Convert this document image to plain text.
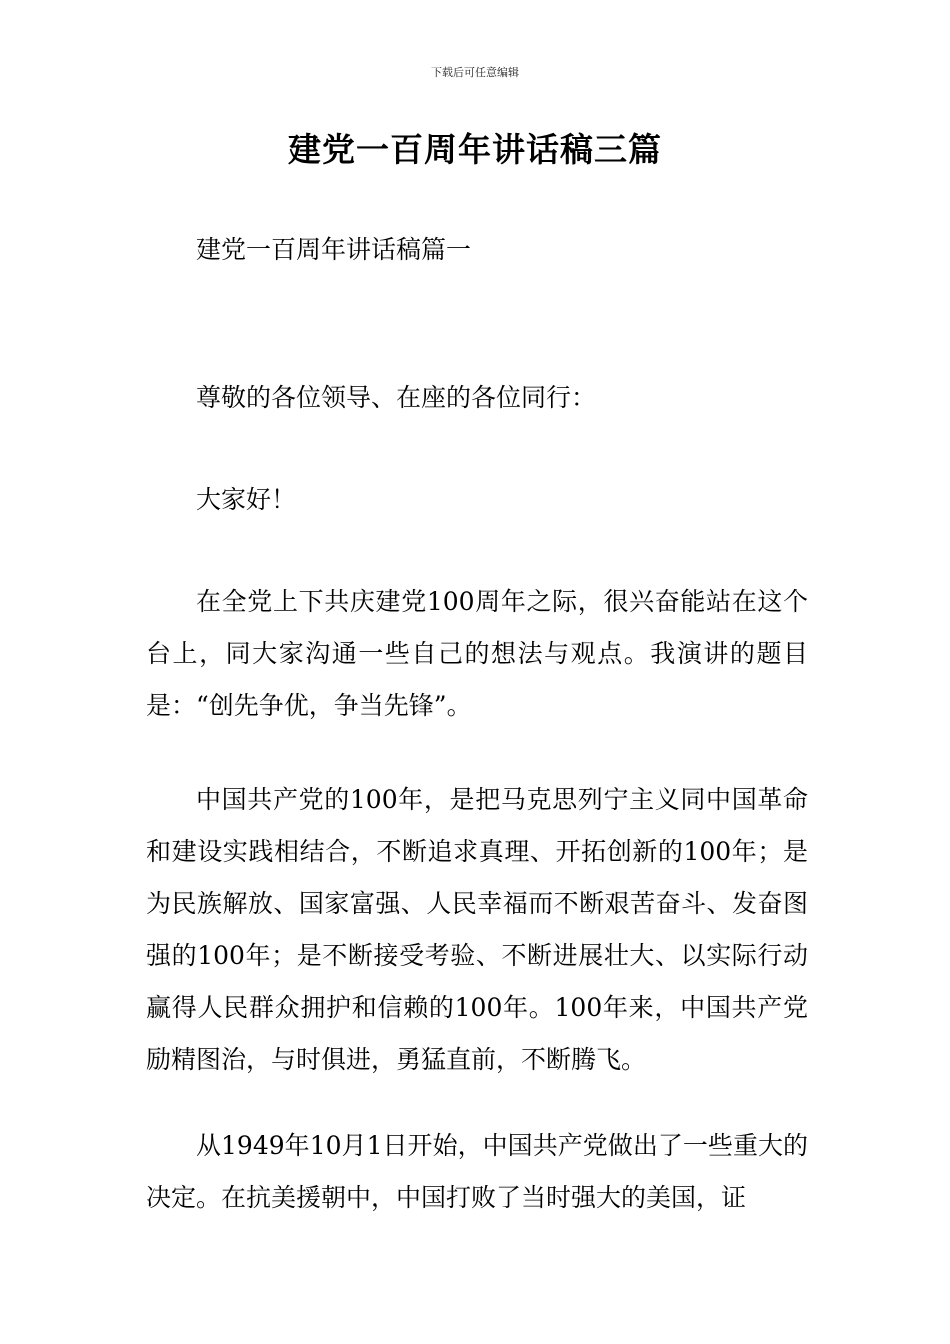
下载后可任意编辑
建党一百周年讲话稿三篇

建党一百周年讲话稿篇一

尊敬的各位领导、在座的各位同行：

大家好！

在全党上下共庆建党100周年之际，很兴奋能站在这个台上，同大家沟通一些自己的想法与观点。我演讲的题目是：“创先争优，争当先锋”。

中国共产党的100年，是把马克思列宁主义同中国革命和建设实践相结合，不断追求真理、开拓创新的100年；是为民族解放、国家富强、人民幸福而不断艰苦奋斗、发奋图强的100年；是不断接受考验、不断进展壮大、以实际行动赢得人民群众拥护和信赖的100年。100年来，中国共产党励精图治，与时俱进，勇猛直前，不断腾飞。

从1949年10月1日开始，中国共产党做出了一些重大的决定。在抗美援朝中，中国打败了当时强大的美国，证
